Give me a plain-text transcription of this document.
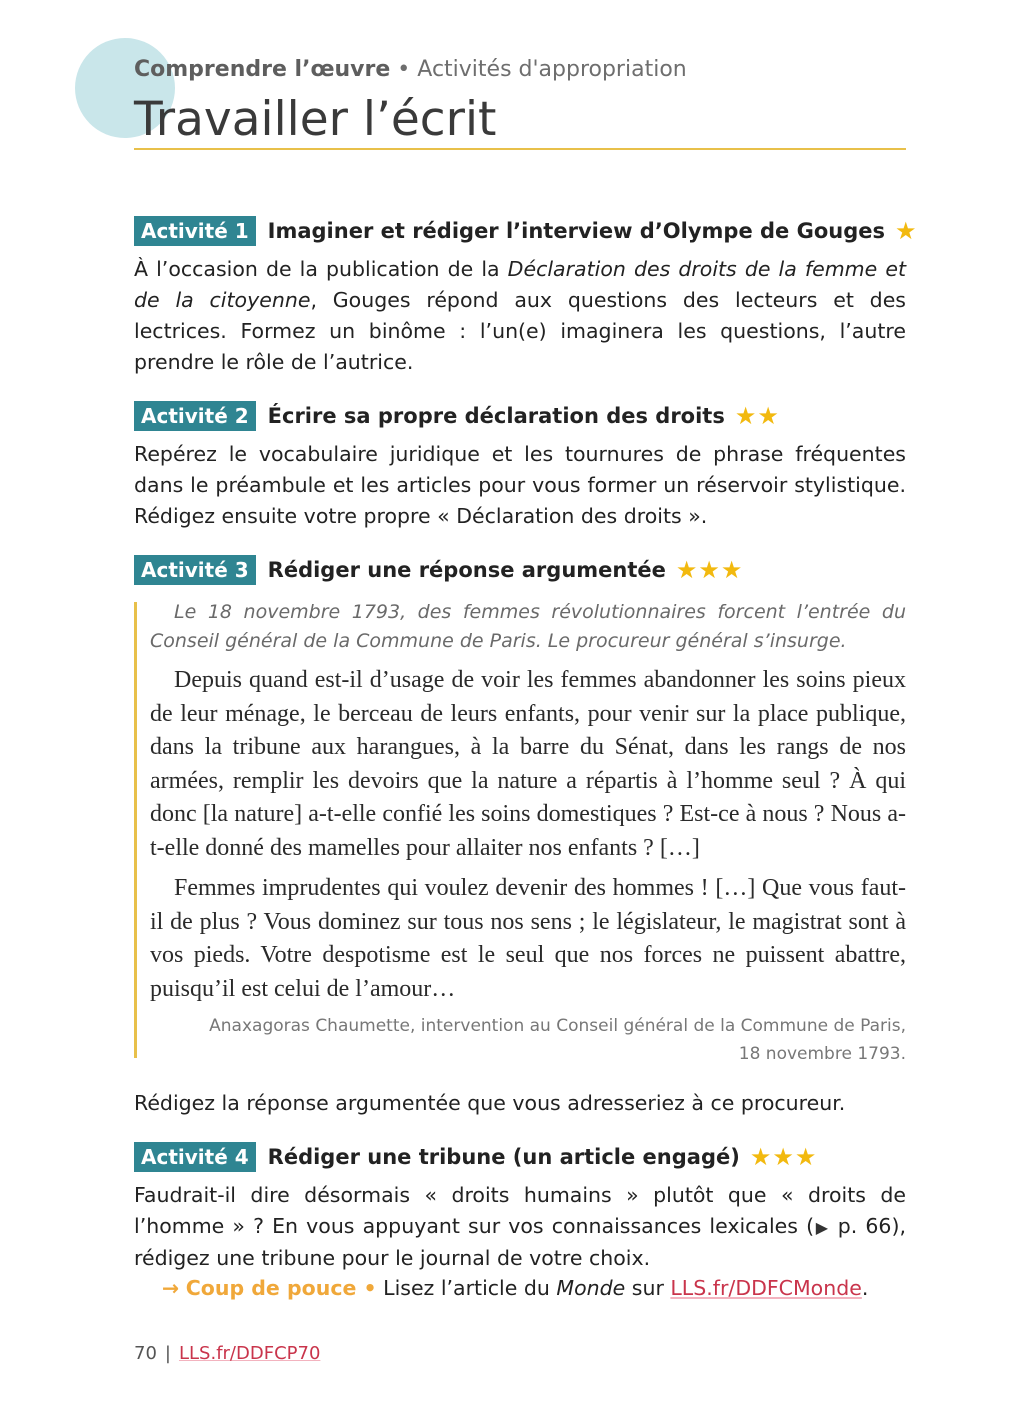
Comprendre l’œuvre • Activités d'appropriation
Travailler l’écrit
Activité 1 Imaginer et rédiger l’interview d’Olympe de Gouges ★

À l’occasion de la publication de la Déclaration des droits de la femme et de la citoyenne, Gouges répond aux questions des lecteurs et des lectrices. Formez un binôme : l’un(e) imaginera les questions, l’autre prendre le rôle de l’autrice.

Activité 2 Écrire sa propre déclaration des droits ★★

Repérez le vocabulaire juridique et les tournures de phrase fréquentes dans le préambule et les articles pour vous former un réservoir stylistique. Rédigez ensuite votre propre « Déclaration des droits ».

Activité 3 Rédiger une réponse argumentée ★★★

Le 18 novembre 1793, des femmes révolutionnaires forcent l’entrée du Conseil général de la Commune de Paris. Le procureur général s’insurge.

Depuis quand est-il d’usage de voir les femmes abandonner les soins pieux de leur ménage, le berceau de leurs enfants, pour venir sur la place publique, dans la tribune aux harangues, à la barre du Sénat, dans les rangs de nos armées, remplir les devoirs que la nature a répartis à l’homme seul ? À qui donc [la nature] a-t-elle confié les soins domestiques ? Est-ce à nous ? Nous a-t-elle donné des mamelles pour allaiter nos enfants ? […]

Femmes imprudentes qui voulez devenir des hommes ! […] Que vous faut-il de plus ? Vous dominez sur tous nos sens ; le législateur, le magistrat sont à vos pieds. Votre despotisme est le seul que nos forces ne puissent abattre, puisqu’il est celui de l’amour…

Anaxagoras Chaumette, intervention au Conseil général de la Commune de Paris,

18 novembre 1793.

Rédigez la réponse argumentée que vous adresseriez à ce procureur.

Activité 4 Rédiger une tribune (un article engagé) ★★★

Faudrait-il dire désormais « droits humains » plutôt que « droits de l’homme » ? En vous appuyant sur vos connaissances lexicales (▶ p. 66), rédigez une tribune pour le journal de votre choix.

→ Coup de pouce • Lisez l’article du Monde sur LLS.fr/DDFCMonde.
70 | LLS.fr/DDFCP70
